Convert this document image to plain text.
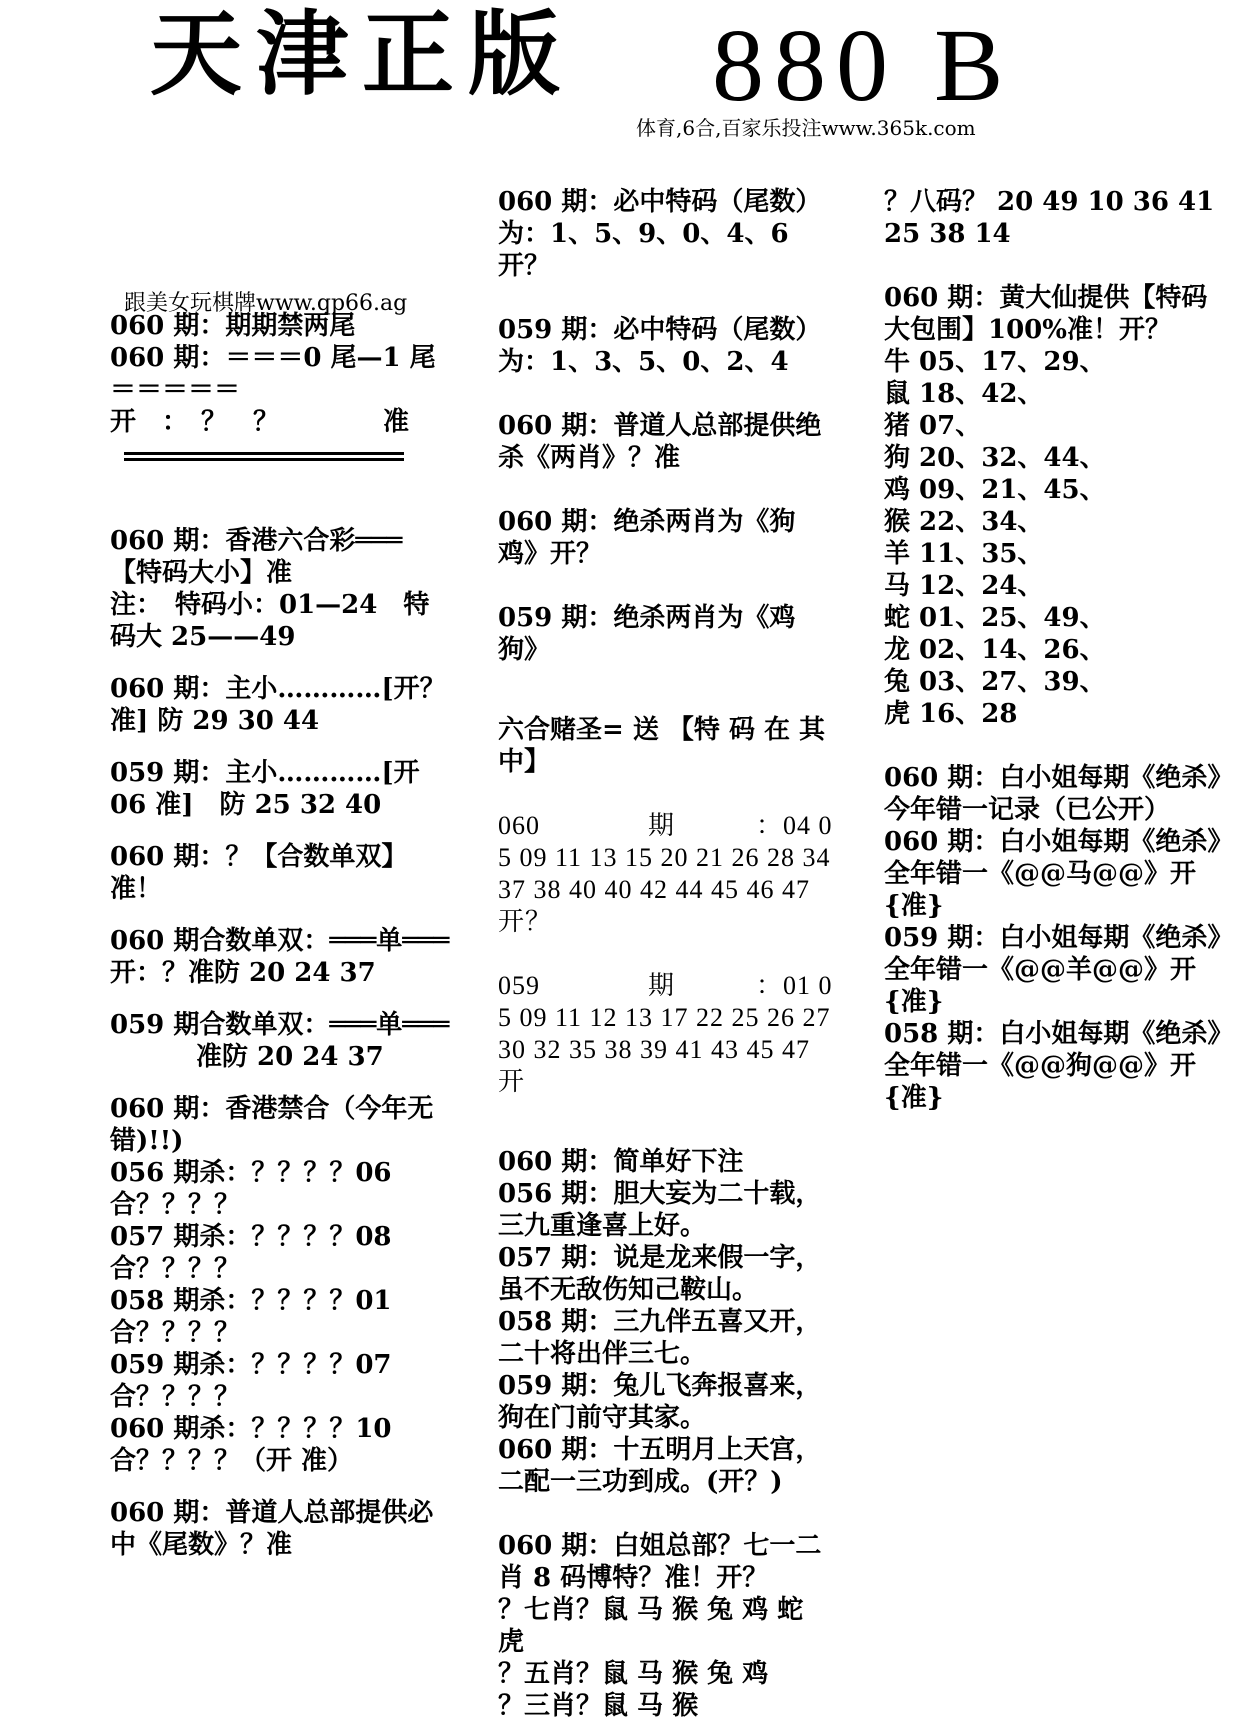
天津正版 880 B
体育,6合,百家乐投注www.365k.com
跟美女玩棋牌www.qp66.ag
060 期：期期禁两尾
060 期：＝＝＝0 尾—1 尾＝＝＝＝＝
开　：　？　？　　　　准
060 期：香港六合彩═══ 【特码大小】准
注：　特码小：01—24　特码大 25——49
060 期：主小…………[开？准] 防 29 30 44
059 期：主小…………[开　06 准]　防 25 32 40
060 期：？【合数单双】准！
060 期合数单双：═══单═══开：？准防 20 24 37
059 期合数单双：═══单═══
准防 20 24 37
060 期：香港禁合（今年无错)!!)
056 期杀：？？？？06 合？？？？
057 期杀：？？？？08 合？？？？
058 期杀：？？？？01 合？？？？
059 期杀：？？？？07 合？？？？
060 期杀：？？？？10 合？？？？（开 准）
060 期：普道人总部提供必中《尾数》？准
060 期：必中特码（尾数）为：1、5、9、0、4、6 开？
059 期：必中特码（尾数）为：1、3、5、0、2、4
060 期：普道人总部提供绝杀《两肖》？准
060 期：绝杀两肖为《狗 鸡》开？
059 期：绝杀两肖为《鸡 狗》
六合赌圣= 送 【特 码 在 其 中】
060　　　　期　　　：04 05 09 11 13 15 20 21 26 28 34 37 38 40 40 42 44 45 46 47　开？
059　　　　期　　　：01 05 09 11 12 13 17 22 25 26 27 30 32 35 38 39 41 43 45 47　开
060 期：简单好下注
056 期：胆大妄为二十载，三九重逢喜上好。
057 期：说是龙来假一字，虽不无敌伤知己鞍山。
058 期：三九伴五喜又开，二十将出伴三七。
059 期：兔儿飞奔报喜来，狗在门前守其家。
060 期：十五明月上天宫，二配一三功到成。(开？)
060 期：白姐总部？七一二肖 8 码博特？准！开？
？七肖？鼠 马 猴 兔 鸡 蛇 虎
？五肖？鼠 马 猴 兔 鸡
？三肖？鼠 马 猴
？八码？ 20 49 10 36 41 25 38 14
060 期：黄大仙提供【特码大包围】100%准！开？
牛 05、17、29、
鼠 18、42、
猪 07、
狗 20、32、44、
鸡 09、21、45、
猴 22、34、
羊 11、35、
马 12、24、
蛇 01、25、49、
龙 02、14、26、
兔 03、27、39、
虎 16、28
060 期：白小姐每期《绝杀》今年错一记录（已公开）
060 期：白小姐每期《绝杀》全年错一《@@马@@》开{准}
059 期：白小姐每期《绝杀》全年错一《@@羊@@》开{准}
058 期：白小姐每期《绝杀》全年错一《@@狗@@》开{准}
